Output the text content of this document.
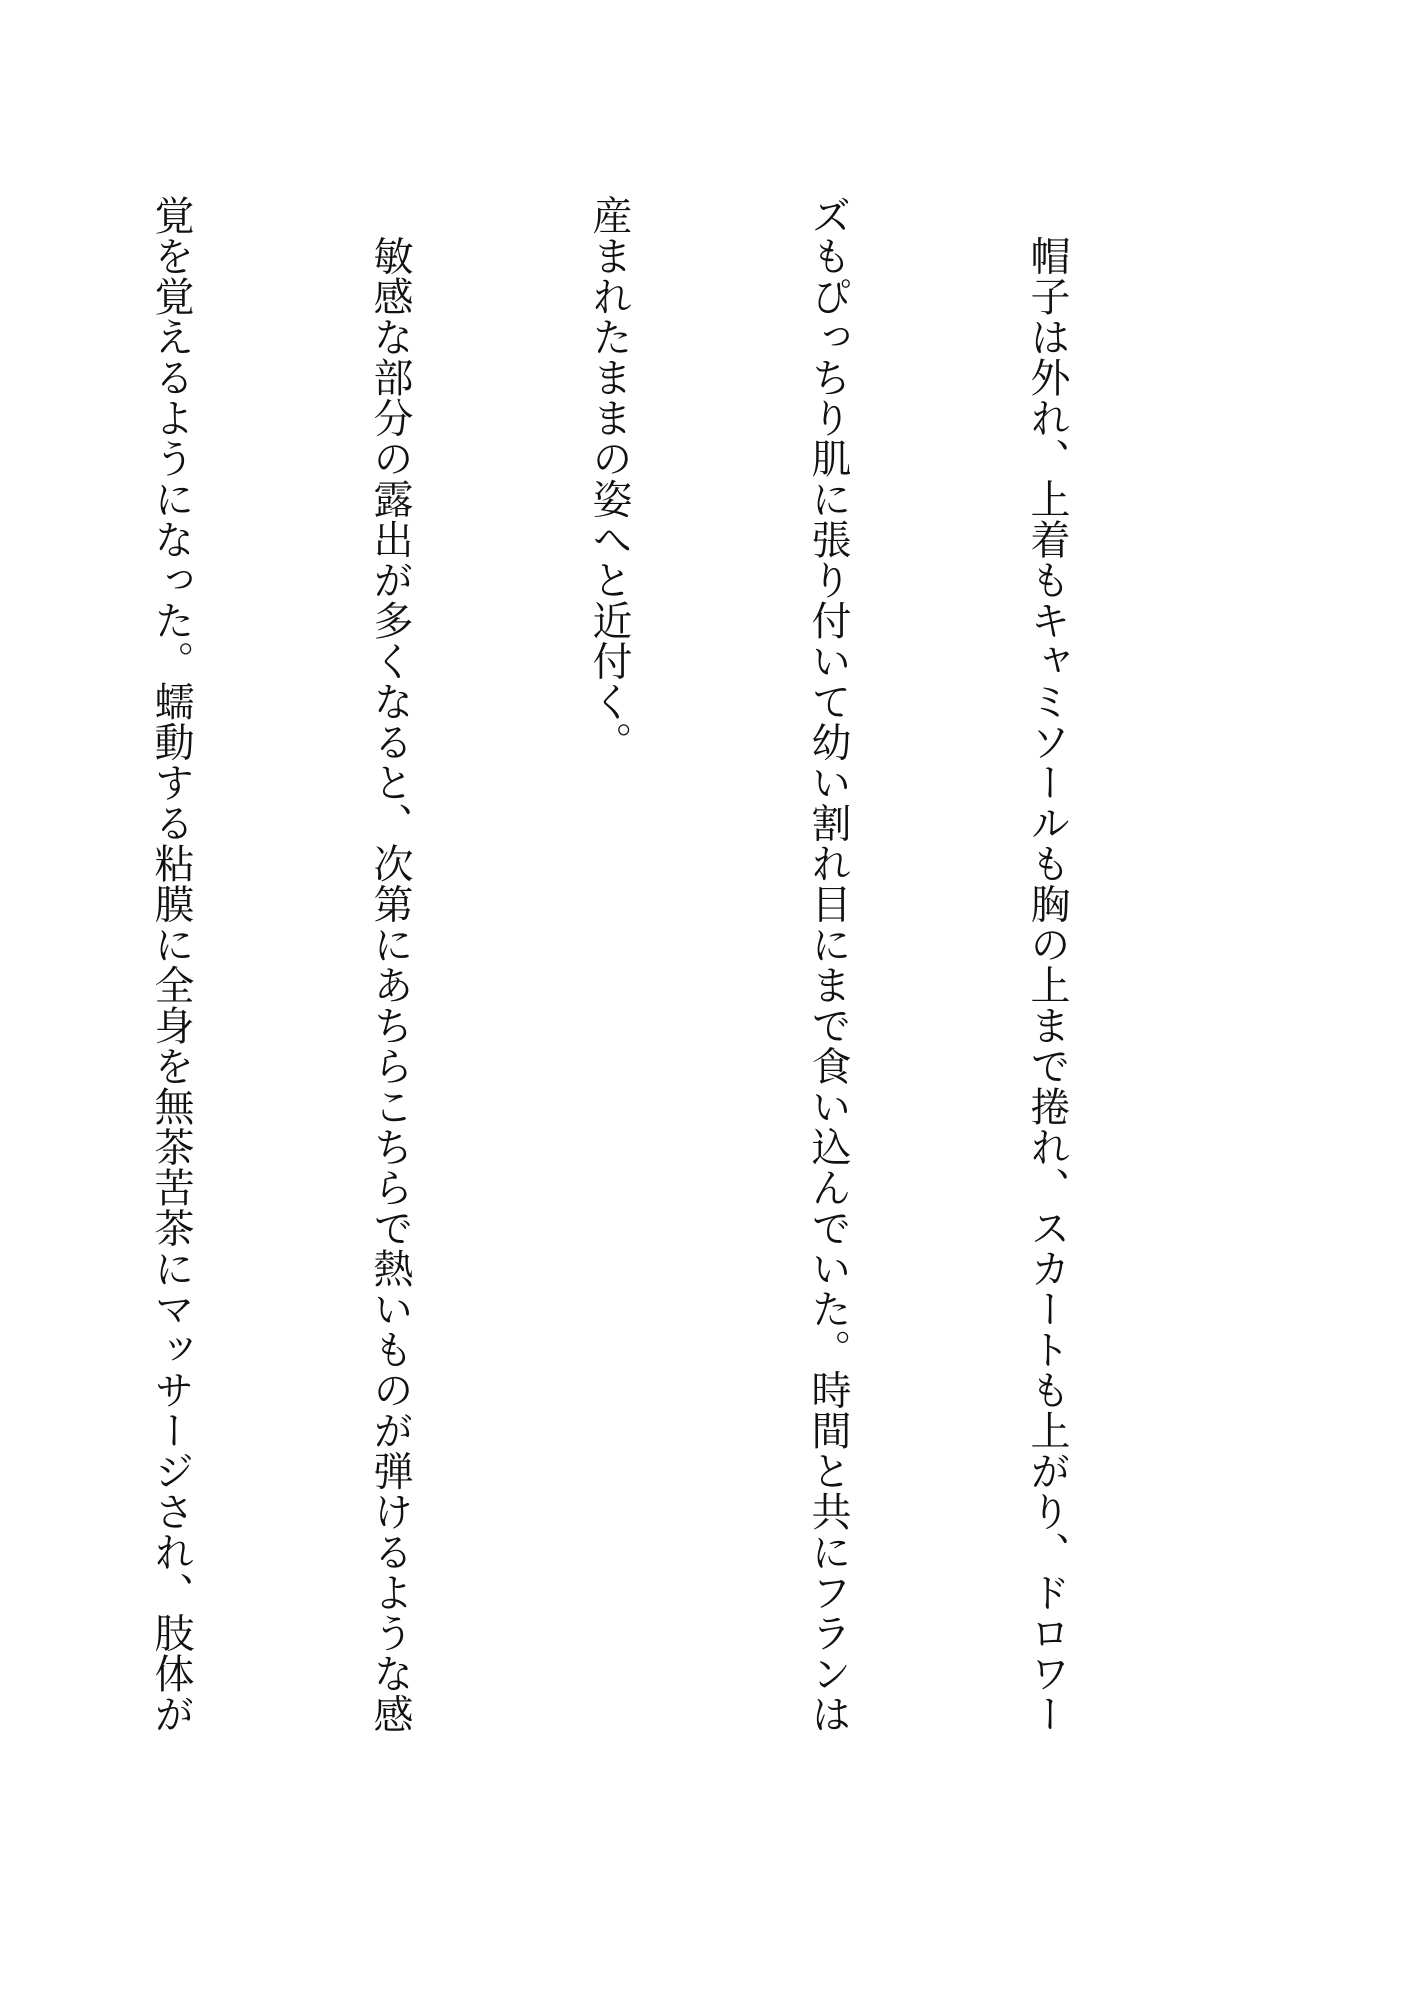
　帽子は外れ、上着もキャミソールも胸の上まで捲れ、スカートも上がり、ドロワー

ズもぴっちり肌に張り付いて幼い割れ目にまで食い込んでいた。時間と共にフランは

産まれたままの姿へと近付く。

　敏感な部分の露出が多くなると、次第にあちらこちらで熱いものが弾けるような感

覚を覚えるようになった。蠕動する粘膜に全身を無茶苦茶にマッサージされ、肢体が
